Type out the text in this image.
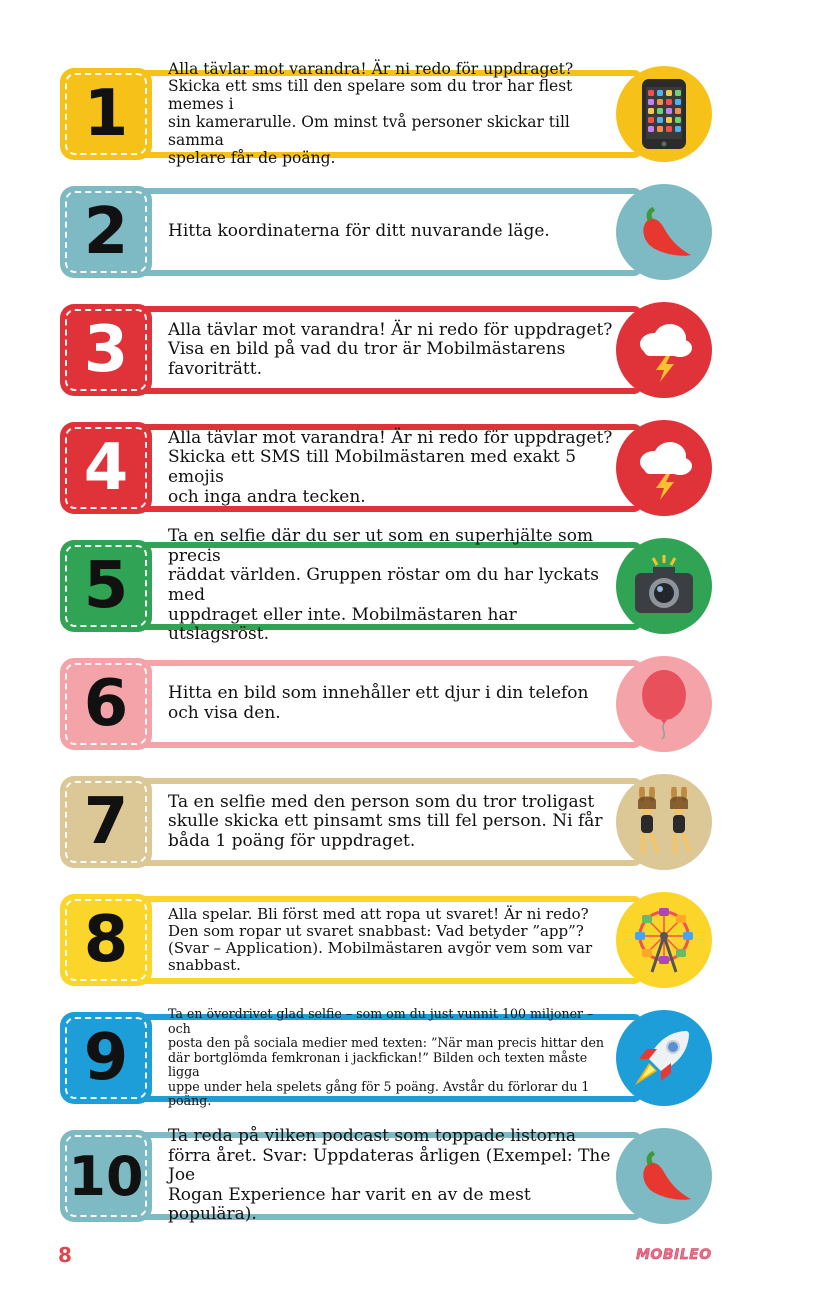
Alla tävlar mot varandra! Är ni redo för uppdraget?
Skicka ett sms till den spelare som du tror har flest memes i
sin kamerarulle. Om minst två personer skickar till samma
spelare får de poäng.
1
Hitta koordinaterna för ditt nuvarande läge.
2
Alla tävlar mot varandra! Är ni redo för uppdraget?
Visa en bild på vad du tror är Mobilmästarens
favoriträtt.
3
Alla tävlar mot varandra! Är ni redo för uppdraget?
Skicka ett SMS till Mobilmästaren med exakt 5 emojis
och inga andra tecken.
4
Ta en selfie där du ser ut som en superhjälte som precis
räddat världen. Gruppen röstar om du har lyckats med
uppdraget eller inte. Mobilmästaren har utslagsröst.
5
Hitta en bild som innehåller ett djur i din telefon
och visa den.
6
Ta en selfie med den person som du tror troligast
skulle skicka ett pinsamt sms till fel person. Ni får
båda 1 poäng för uppdraget.
7
Alla spelar. Bli först med att ropa ut svaret! Är ni redo?
Den som ropar ut svaret snabbast: Vad betyder ”app”?
(Svar – Application). Mobilmästaren avgör vem som var
snabbast.
8
Ta en överdrivet glad selfie – som om du just vunnit 100 miljoner – och
posta den på sociala medier med texten: ”När man precis hittar den
där bortglömda femkronan i jackfickan!” Bilden och texten måste ligga
uppe under hela spelets gång för 5 poäng. Avstår du förlorar du 1 poäng.
9
Ta reda på vilken podcast som toppade listorna
förra året. Svar: Uppdateras årligen (Exempel: The Joe
Rogan Experience har varit en av de mest populära).
10
8	MOBILEO
